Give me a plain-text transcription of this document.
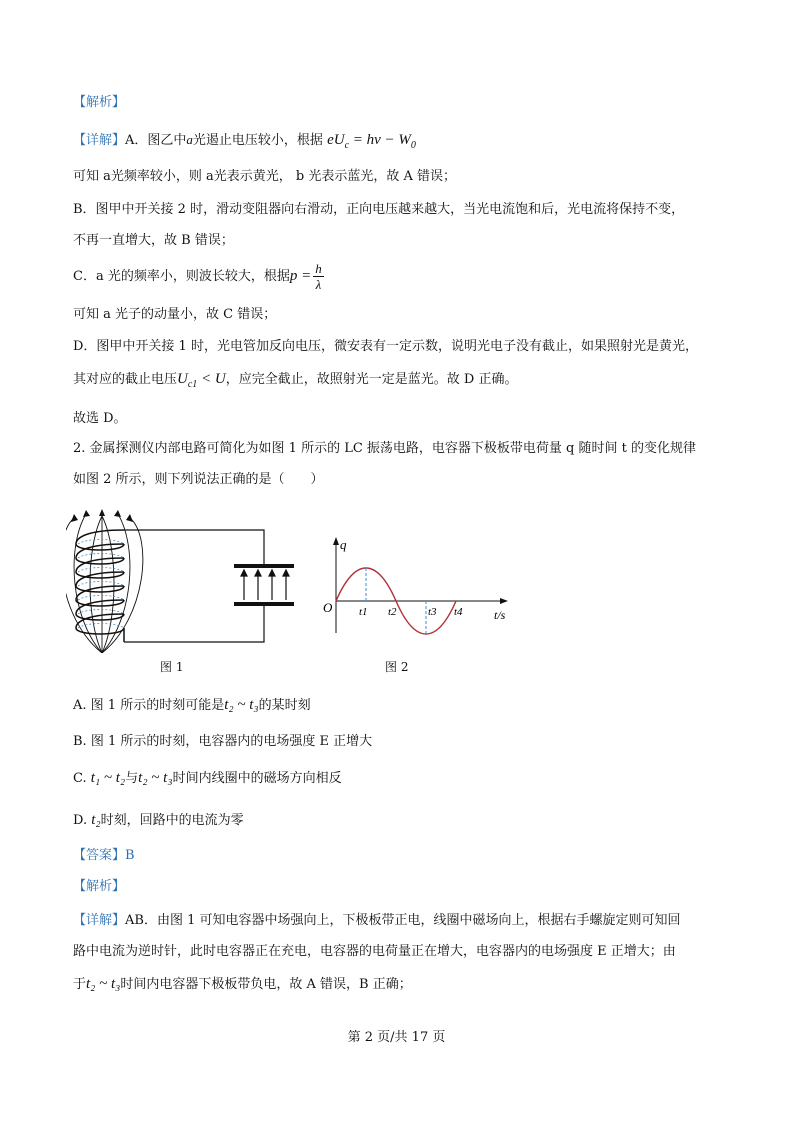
【解析】
【详解】A．图乙中a光遏止电压较小，根据 $eU_c = h\nu - W_0$
可知 a光频率较小，则 a光表示黄光， b 光表示蓝光，故 A 错误；
B．图甲中开关接 2 时，滑动变阻器向右滑动，正向电压越来越大，当光电流饱和后，光电流将保持不变，
不再一直增大，故 B 错误；
C．a 光的频率小，则波长较大，根据$p = \frac{h}{\lambda}$
可知 a 光子的动量小，故 C 错误；
D．图甲中开关接 1 时，光电管加反向电压，微安表有一定示数，说明光电子没有截止，如果照射光是黄光，
其对应的截止电压$U_{c1} < U$，应完全截止，故照射光一定是蓝光。故 D 正确。
故选 D。
2. 金属探测仪内部电路可简化为如图 1 所示的 LC 振荡电路，电容器下极板带电荷量 q 随时间 t 的变化规律
如图 2 所示，则下列说法正确的是（　　）
图 1
q
O	t/s
t1 t2	t3 t4
图 2
A. 图 1 所示的时刻可能是t₂ ~ t₃的某时刻
B. 图 1 所示的时刻，电容器内的电场强度 E 正增大
C. t₁ ~ t₂与t₂ ~ t₃时间内线圈中的磁场方向相反
D. t₂时刻，回路中的电流为零
【答案】B
【解析】
【详解】AB．由图 1 可知电容器中场强向上，下极板带正电，线圈中磁场向上，根据右手螺旋定则可知回
路中电流为逆时针，此时电容器正在充电，电容器的电荷量正在增大，电容器内的电场强度 E 正增大；由
于t₂ ~ t₃时间内电容器下极板带负电，故 A 错误，B 正确；
第 2 页/共 17 页
